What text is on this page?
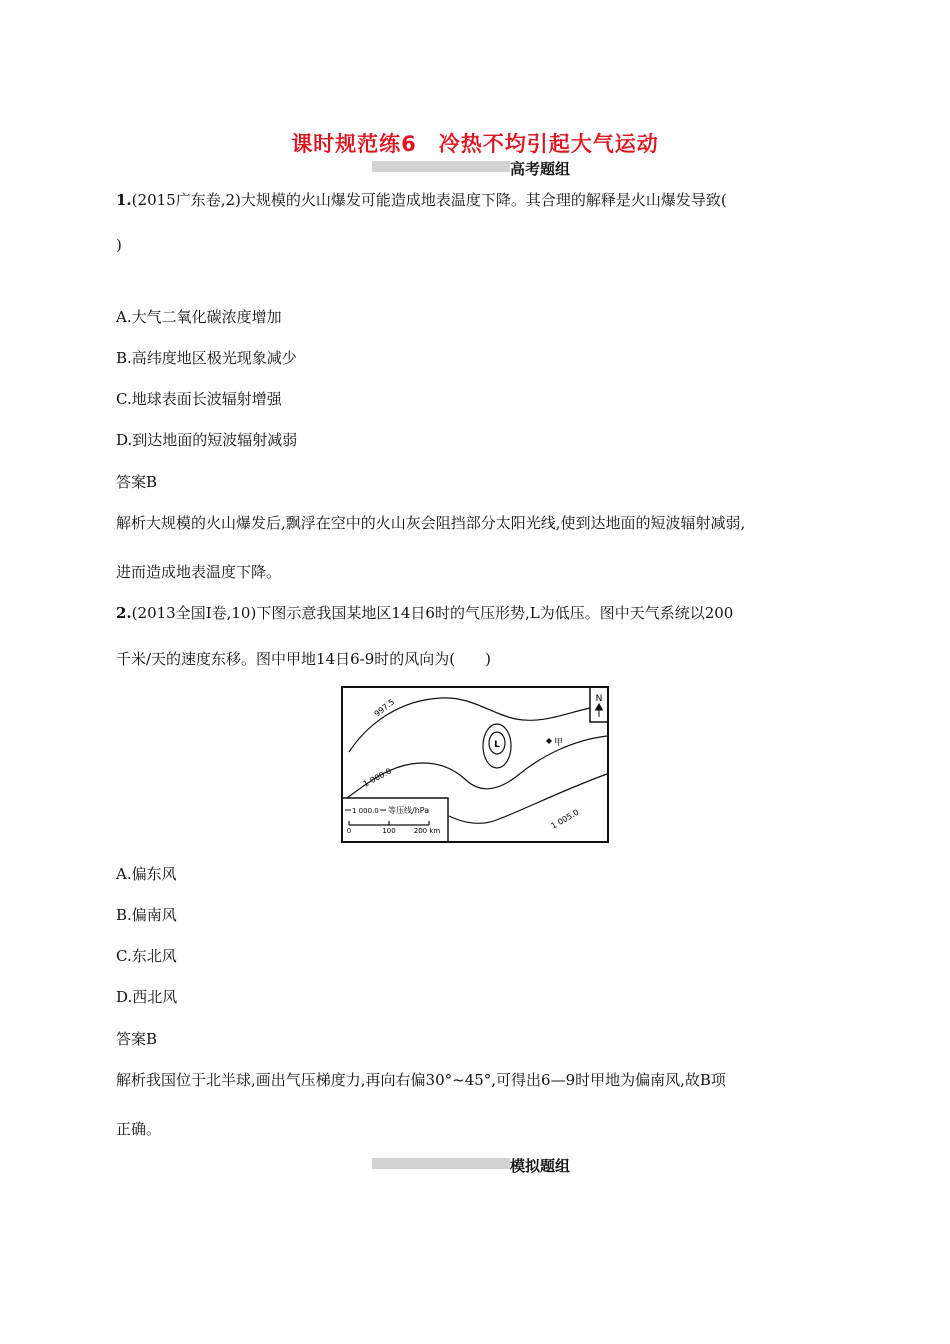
课时规范练6　冷热不均引起大气运动
高考题组
1.(2015广东卷,2)大规模的火山爆发可能造成地表温度下降。其合理的解释是火山爆发导致(
)
A.大气二氧化碳浓度增加
B.高纬度地区极光现象减少
C.地球表面长波辐射增强
D.到达地面的短波辐射减弱
答案B
解析大规模的火山爆发后,飘浮在空中的火山灰会阻挡部分太阳光线,使到达地面的短波辐射减弱,
进而造成地表温度下降。
2.(2013全国Ⅰ卷,10)下图示意我国某地区14日6时的气压形势,L为低压。图中天气系统以200
千米/天的速度东移。图中甲地14日6-9时的风向为(　　)
N
L	甲
997.5
1 000.0
1 005.0
1 000.0 等压线/hPa
0	100	200 km
A.偏东风
B.偏南风
C.东北风
D.西北风
答案B
解析我国位于北半球,画出气压梯度力,再向右偏30°~45°,可得出6—9时甲地为偏南风,故B项
正确。
模拟题组
